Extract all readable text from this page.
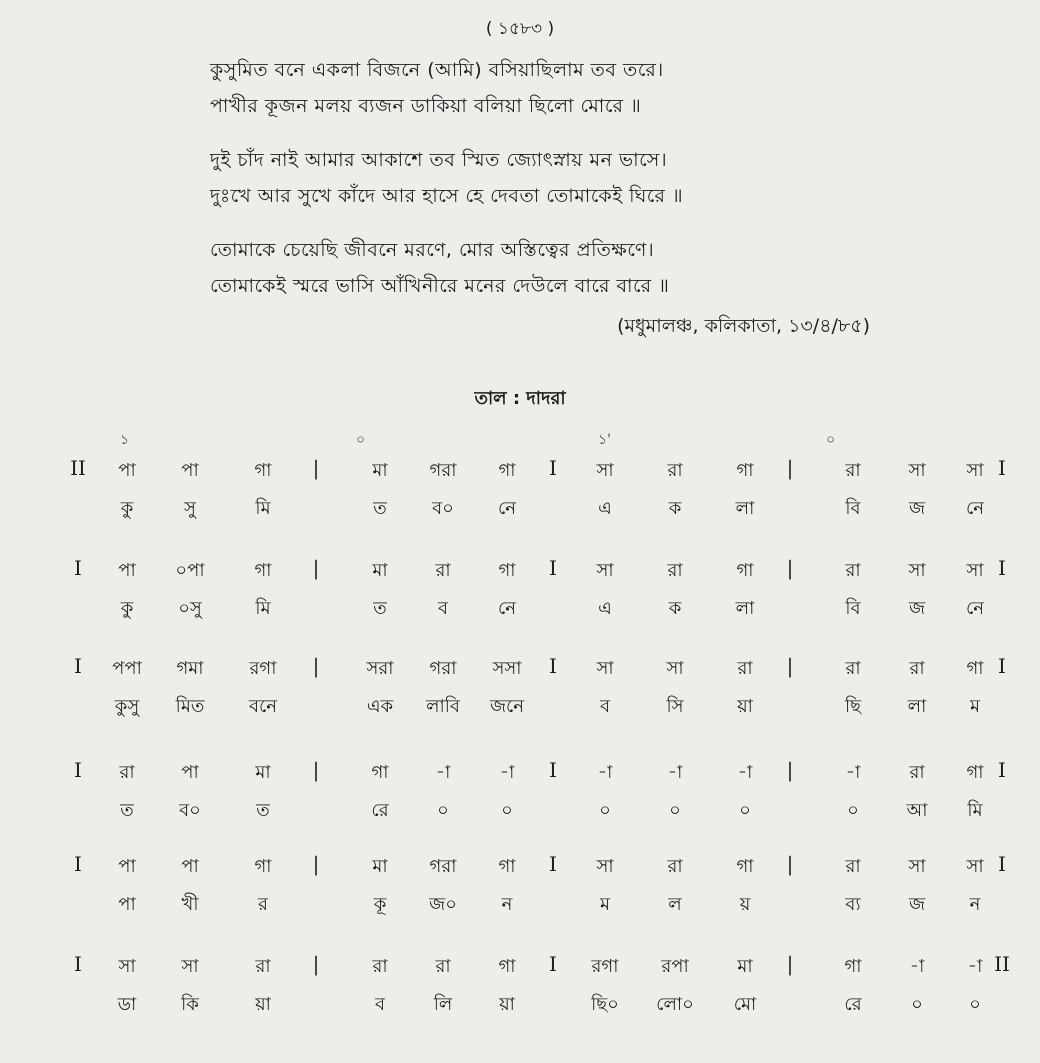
( ১৫৮৩ )
কুসুমিত বনে একলা বিজনে (আমি) বসিয়াছিলাম তব তরে।
পাখীর কূজন মলয় ব্যজন ডাকিয়া বলিয়া ছিলো মোরে ॥
দুই চাঁদ নাই আমার আকাশে তব স্মিত জ্যোৎস্নায় মন ভাসে।
দুঃখে আর সুখে কাঁদে আর হাসে হে দেবতা তোমাকেই ঘিরে ॥
তোমাকে চেয়েছি জীবনে মরণে, মোর অস্তিত্বের প্রতিক্ষণে।
তোমাকেই স্মরে ভাসি আঁখিনীরে মনের দেউলে বারে বারে ॥
(মধুমালঞ্চ, কলিকাতা, ১৩/৪/৮৫)
তাল : দাদরা
১	০	১'	০
II	|	I	|	I
পা	পা	গা	মা	গরা	গা	সা	রা	গা	রা	সা	সা
কু	সু	মি	ত	ব০	নে	এ	ক	লা	বি	জ	নে
I	|	I	|	I
পা	০পা	গা	মা	রা	গা	সা	রা	গা	রা	সা	সা
কু	০সু	মি	ত	ব	নে	এ	ক	লা	বি	জ	নে
I	|	I	|	I
পপা	গমা	রগা	সরা	গরা	সসা	সা	সা	রা	রা	রা	গা
কুসু	মিত	বনে	এক	লাবি	জনে	ব	সি	য়া	ছি	লা	ম
I	|	I	|	I
রা	পা	মা	গা	-া	-া	-া	-া	-া	-া	রা	গা
ত	ব০	ত	রে	০	০	০	০	০	০	আ	মি
I	|	I	|	I
পা	পা	গা	মা	গরা	গা	সা	রা	গা	রা	সা	সা
পা	খী	র	কূ	জ০	ন	ম	ল	য়	ব্য	জ	ন
I	|	I	|	II
সা	সা	রা	রা	রা	গা	রগা	রপা	মা	গা	-া	-া
ডা	কি	য়া	ব	লি	য়া	ছি০	লো০	মো	রে	০	০
